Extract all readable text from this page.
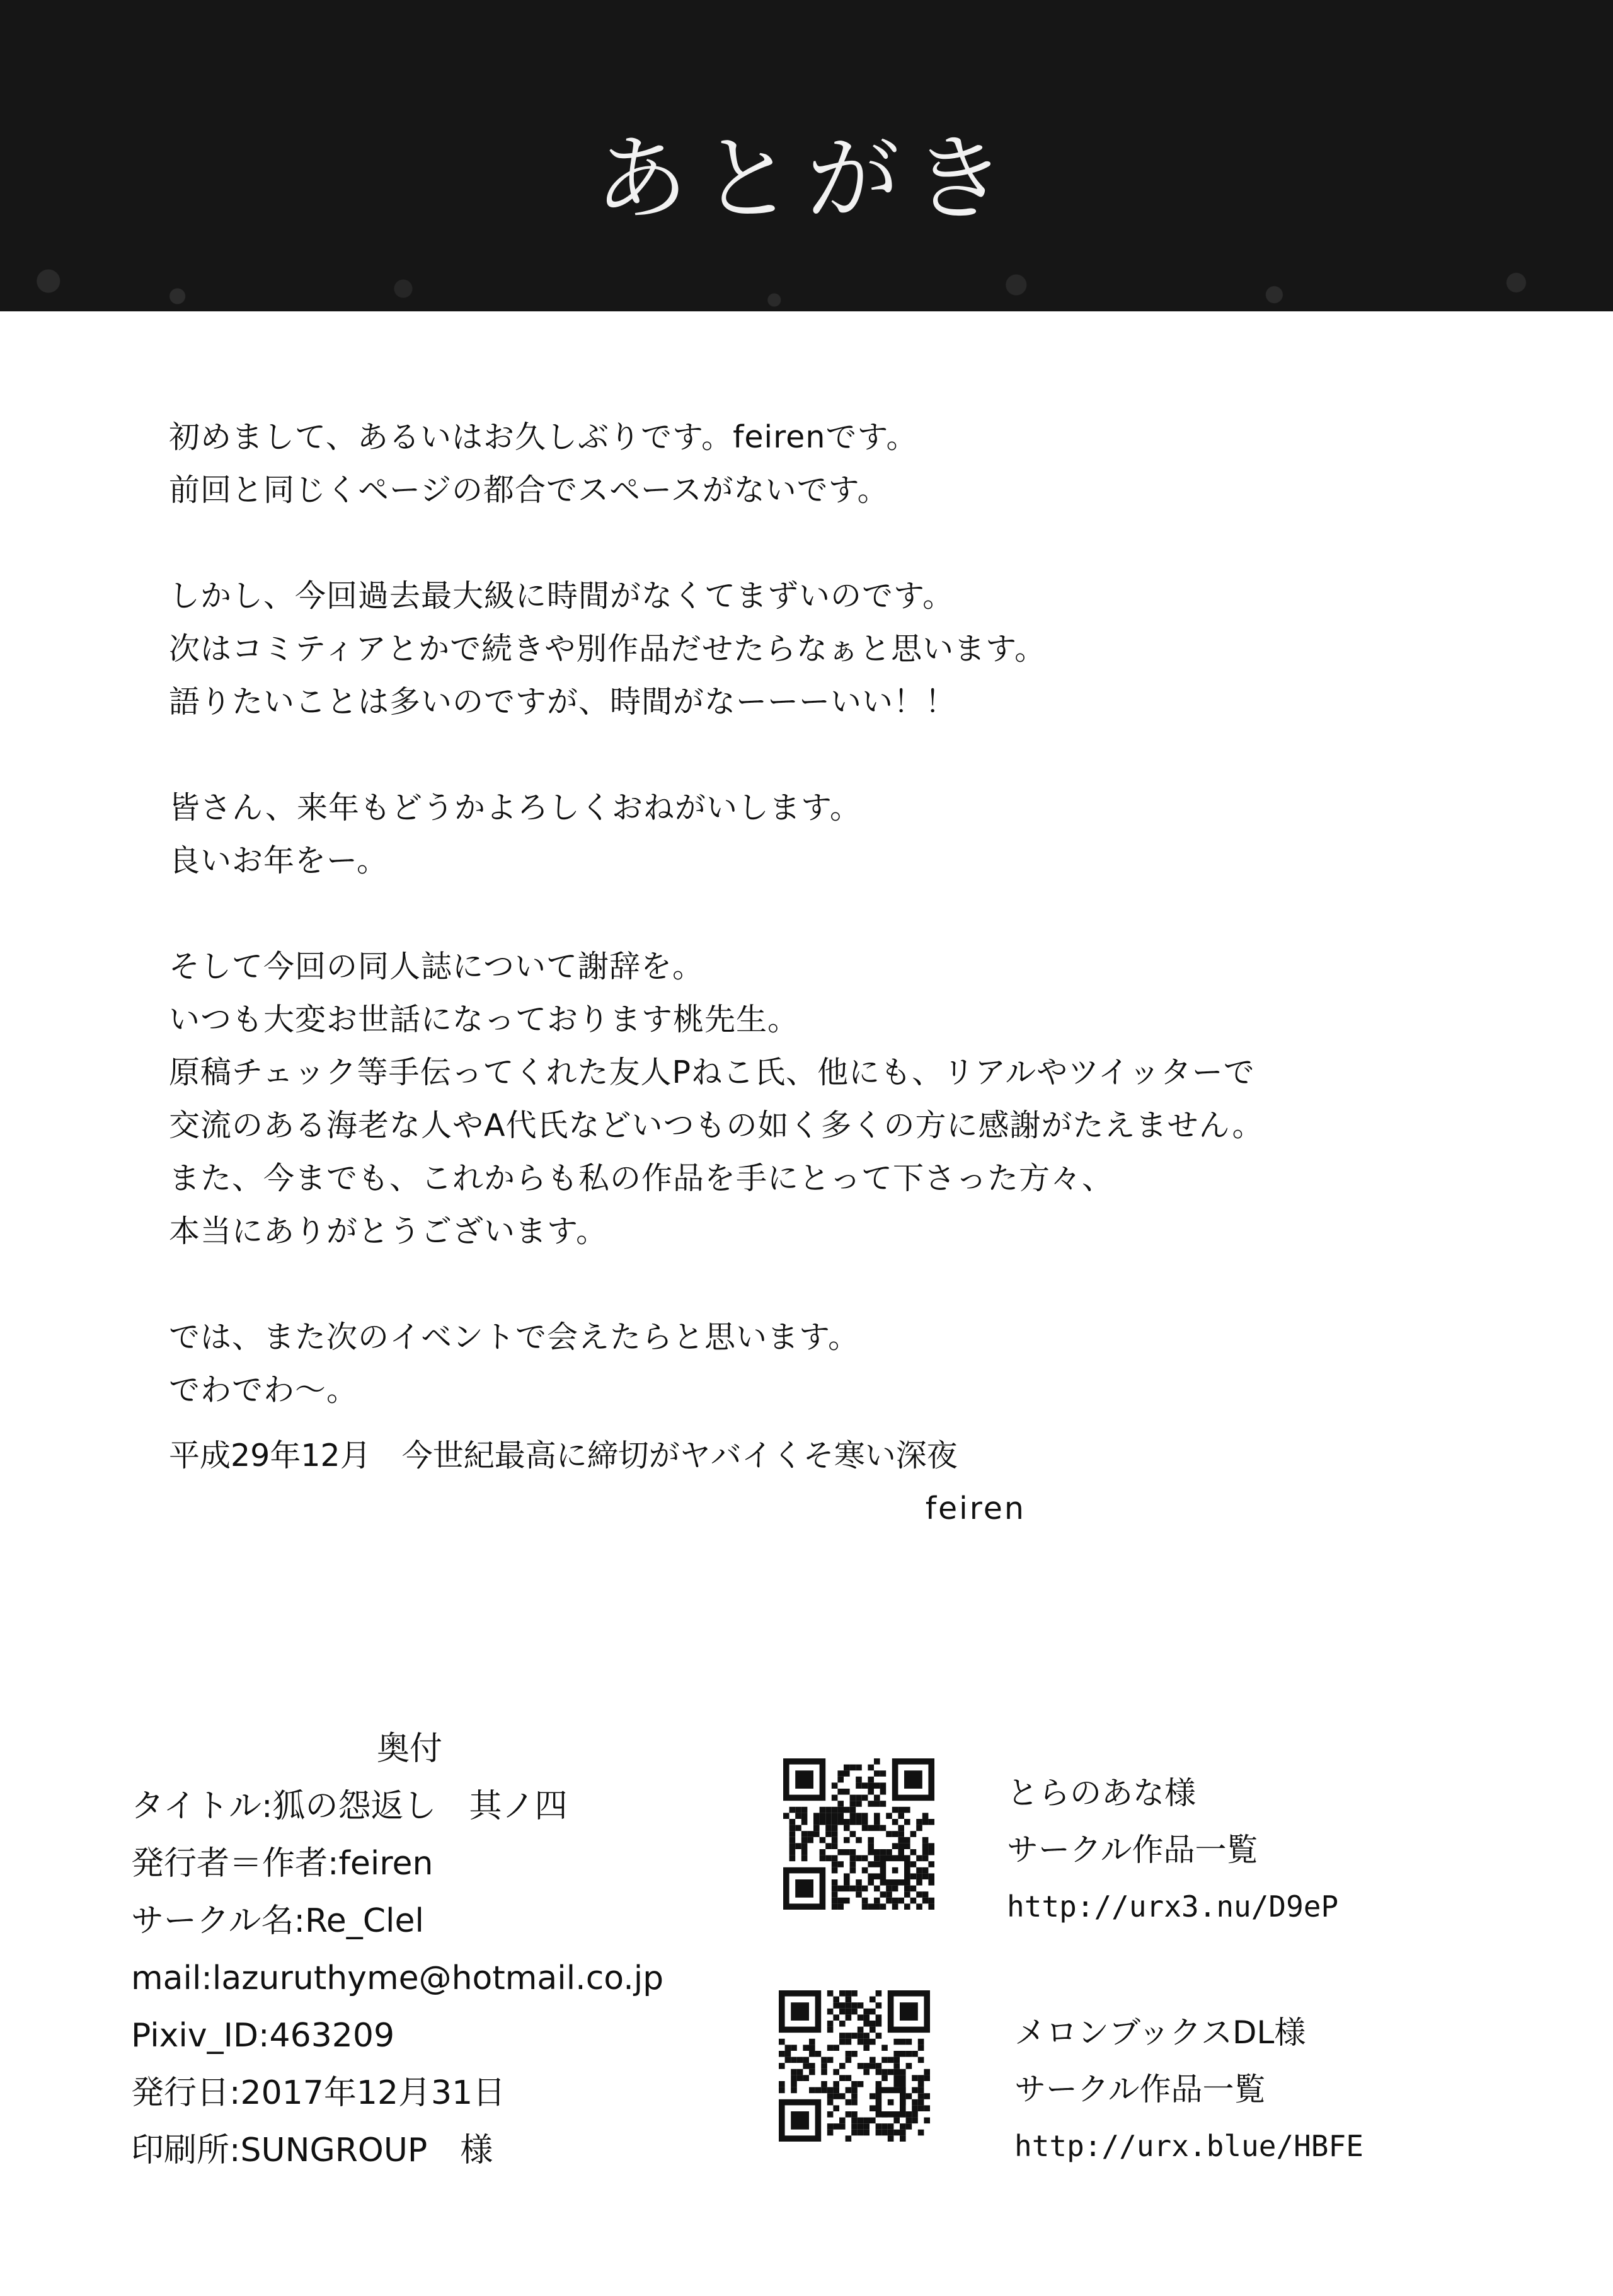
あとがき

初めまして、あるいはお久しぶりです。feirenです。
前回と同じくページの都合でスペースがないです。

しかし、今回過去最大級に時間がなくてまずいのです。
次はコミティアとかで続きや別作品だせたらなぁと思います。
語りたいことは多いのですが、時間がなーーーいい！！

皆さん、来年もどうかよろしくおねがいします。
良いお年をー。

そして今回の同人誌について謝辞を。
いつも大変お世話になっております桃先生。
原稿チェック等手伝ってくれた友人Pねこ氏、他にも、リアルやツイッターで
交流のある海老な人やA代氏などいつもの如く多くの方に感謝がたえません。
また、今までも、これからも私の作品を手にとって下さった方々、
本当にありがとうございます。

では、また次のイベントで会えたらと思います。
でわでわ～。

平成29年12月　今世紀最高に締切がヤバイくそ寒い深夜
feiren
奥付
タイトル:狐の怨返し　其ノ四
発行者＝作者:feiren
サークル名:Re_Clel
mail:lazuruthyme@hotmail.co.jp
Pixiv_ID:463209
発行日:2017年12月31日
印刷所:SUNGROUP　様
とらのあな様
サークル作品一覧
http://urx3.nu/D9eP
メロンブックスDL様
サークル作品一覧
http://urx.blue/HBFE
